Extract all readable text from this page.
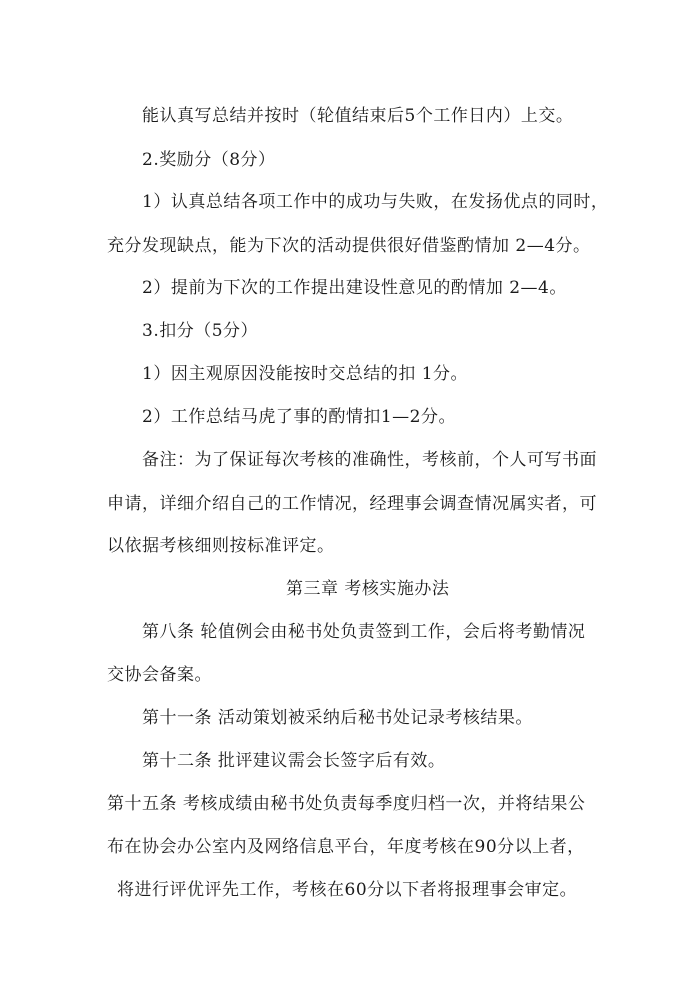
能认真写总结并按时（轮值结束后5个工作日内）上交。
2.奖励分（8分）
1）认真总结各项工作中的成功与失败，在发扬优点的同时，
充分发现缺点，能为下次的活动提供很好借鉴酌情加 2—4分。
2）提前为下次的工作提出建设性意见的酌情加 2—4。
3.扣分（5分）
1）因主观原因没能按时交总结的扣 1分。
2）工作总结马虎了事的酌情扣1—2分。
备注：为了保证每次考核的准确性，考核前，个人可写书面
申请，详细介绍自己的工作情况，经理事会调查情况属实者，可
以依据考核细则按标准评定。
第三章 考核实施办法
第八条 轮值例会由秘书处负责签到工作，会后将考勤情况
交协会备案。
第十一条 活动策划被采纳后秘书处记录考核结果。
第十二条 批评建议需会长签字后有效。
第十五条 考核成绩由秘书处负责每季度归档一次，并将结果公
布在协会办公室内及网络信息平台，年度考核在90分以上者，
将进行评优评先工作，考核在60分以下者将报理事会审定。
